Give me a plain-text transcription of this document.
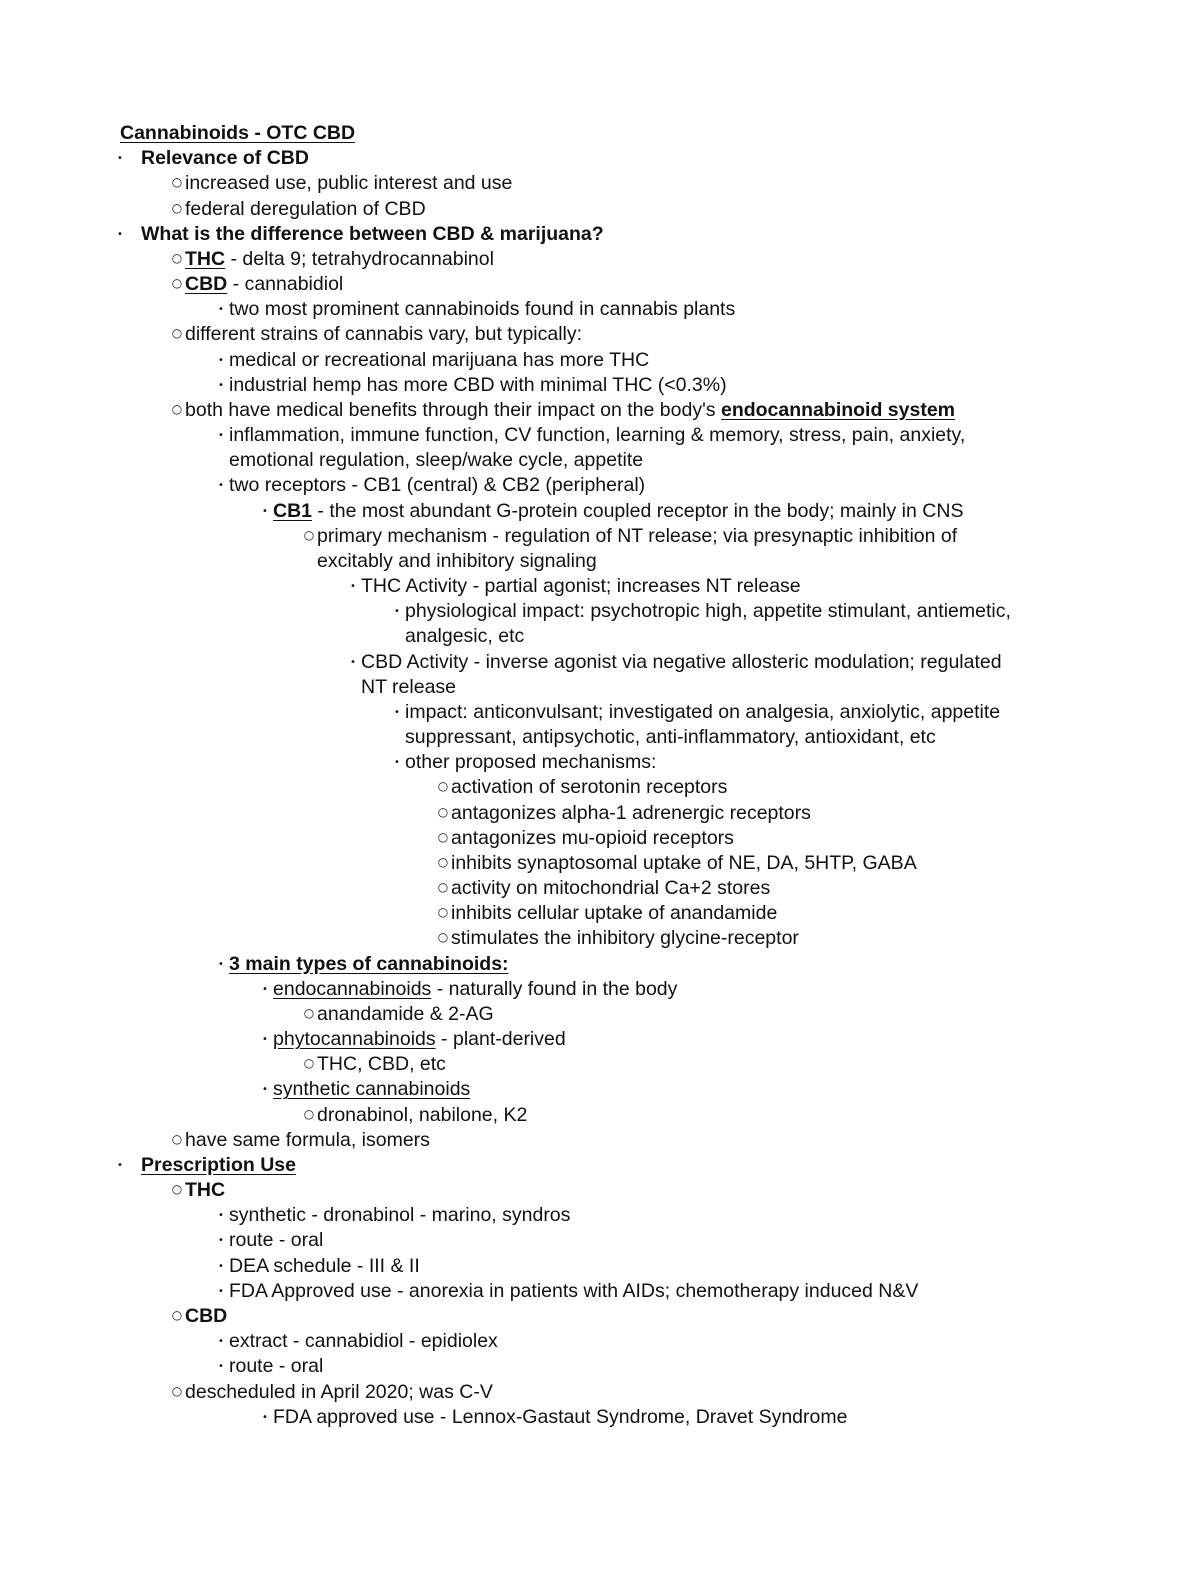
Cannabinoids - OTC CBD
• Relevance of CBD
○ increased use, public interest and use
○ federal deregulation of CBD
• What is the difference between CBD & marijuana?
○ THC - delta 9; tetrahydrocannabinol
○ CBD - cannabidiol
• two most prominent cannabinoids found in cannabis plants
○ different strains of cannabis vary, but typically:
• medical or recreational marijuana has more THC
• industrial hemp has more CBD with minimal THC (<0.3%)
○ both have medical benefits through their impact on the body's endocannabinoid system
• inflammation, immune function, CV function, learning & memory, stress, pain, anxiety,
emotional regulation, sleep/wake cycle, appetite
• two receptors - CB1 (central) & CB2 (peripheral)
• CB1 - the most abundant G-protein coupled receptor in the body; mainly in CNS
○ primary mechanism - regulation of NT release; via presynaptic inhibition of
excitably and inhibitory signaling
• THC Activity - partial agonist; increases NT release
• physiological impact: psychotropic high, appetite stimulant, antiemetic,
analgesic, etc
• CBD Activity - inverse agonist via negative allosteric modulation; regulated
NT release
• impact: anticonvulsant; investigated on analgesia, anxiolytic, appetite
suppressant, antipsychotic, anti-inflammatory, antioxidant, etc
• other proposed mechanisms:
○ activation of serotonin receptors
○ antagonizes alpha-1 adrenergic receptors
○ antagonizes mu-opioid receptors
○ inhibits synaptosomal uptake of NE, DA, 5HTP, GABA
○ activity on mitochondrial Ca+2 stores
○ inhibits cellular uptake of anandamide
○ stimulates the inhibitory glycine-receptor
• 3 main types of cannabinoids:
• endocannabinoids - naturally found in the body
○ anandamide & 2-AG
• phytocannabinoids - plant-derived
○ THC, CBD, etc
• synthetic cannabinoids
○ dronabinol, nabilone, K2
○ have same formula, isomers
• Prescription Use
○ THC
• synthetic - dronabinol - marino, syndros
• route - oral
• DEA schedule - III & II
• FDA Approved use - anorexia in patients with AIDs; chemotherapy induced N&V
○ CBD
• extract - cannabidiol - epidiolex
• route - oral
○ descheduled in April 2020; was C-V
• FDA approved use - Lennox-Gastaut Syndrome, Dravet Syndrome
